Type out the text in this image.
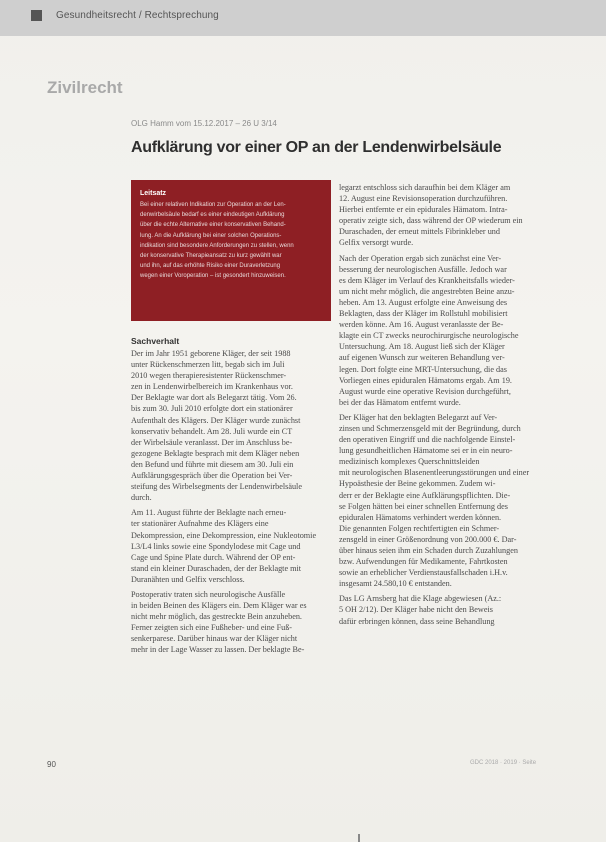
Gesundheitsrecht / Rechtsprechung
Zivilrecht
OLG Hamm vom 15.12.2017 – 26 U 3/14
Aufklärung vor einer OP an der Lendenwirbelsäule
Leitsatz
Bei einer relativen Indikation zur Operation an der Len-
denwirbelsäule bedarf es einer eindeutigen Aufklärung
über die echte Alternative einer konservativen Behand-
lung. An die Aufklärung bei einer solchen Operations-
indikation sind besondere Anforderungen zu stellen, wenn
der konservative Therapieansatz zu kurz gewählt war
und ihn, auf das erhöhte Risiko einer Duraverletzung
wegen einer Voroperation – ist gesondert hinzuweisen.
Sachverhalt
Der im Jahr 1951 geborene Kläger, der seit 1988
unter Rückenschmerzen litt, begab sich im Juli
2010 wegen therapieresistenter Rückenschmer-
zen in Lendenwirbelbereich im Krankenhaus vor.
Der Beklagte war dort als Belegarzt tätig. Vom 26.
bis zum 30. Juli 2010 erfolgte dort ein stationärer
Aufenthalt des Klägers. Der Kläger wurde zunächst
konservativ behandelt. Am 28. Juli wurde ein CT
der Wirbelsäule veranlasst. Der im Anschluss be-
gezogene Beklagte besprach mit dem Kläger neben
den Befund und führte mit diesem am 30. Juli ein
Aufklärungsgespräch über die Operation bei Ver-
steifung des Wirbelsegments der Lendenwirbelsäule
durch.
Am 11. August führte der Beklagte nach erneu-
ter stationärer Aufnahme des Klägers eine
Dekompression, eine Dekompression, eine Nukleotomie
L3/L4 links sowie eine Spondylodese mit Cage und
Cage und Spine Plate durch. Während der OP ent-
stand ein kleiner Duraschaden, der der Beklagte mit
Duranähten und Gelfix verschloss.
Postoperativ traten sich neurologische Ausfälle
in beiden Beinen des Klägers ein. Dem Kläger war es
nicht mehr möglich, das gestreckte Bein anzuheben.
Ferner zeigten sich eine Fußheber- und eine Fuß-
senkerparese. Darüber hinaus war der Kläger nicht
mehr in der Lage Wasser zu lassen. Der beklagte Be-
legarzt entschloss sich daraufhin bei dem Kläger am
12. August eine Revisionsoperation durchzuführen.
Hierbei entfernte er ein epidurales Hämatom. Intra-
operativ zeigte sich, dass während der OP wiederum ein
Duraschaden, der erneut mittels Fibrinkleber und
Gelfix versorgt wurde.
Nach der Operation ergab sich zunächst eine Ver-
besserung der neurologischen Ausfälle. Jedoch war
es dem Kläger im Verlauf des Krankheitsfalls wieder-
um nicht mehr möglich, die angestrebten Beine anzu-
heben. Am 13. August erfolgte eine Anweisung des
Beklagten, dass der Kläger im Rollstuhl mobilisiert
werden könne. Am 16. August veranlasste der Be-
klagte ein CT zwecks neurochirurgische neurologische
Untersuchung. Am 18. August ließ sich der Kläger
auf eigenen Wunsch zur weiteren Behandlung ver-
legen. Dort folgte eine MRT-Untersuchung, die das
Vorliegen eines epiduralen Hämatoms ergab. Am 19.
August wurde eine operative Revision durchgeführt,
bei der das Hämatom entfernt wurde.
Der Kläger hat den beklagten Belegarzt auf Ver-
zinsen und Schmerzensgeld mit der Begründung, durch
den operativen Eingriff und die nachfolgende Einstel-
lung gesundheitlichen Hämatome sei er in ein neuro-
medizinisch komplexes Querschnittsleiden
mit neurologischen Blasenentleerungsstörungen und einer
Hypoästhesie der Beine gekommen. Zudem wi-
derr er der Beklagte eine Aufklärungspflichten. Die-
se Folgen hätten bei einer schnellen Entfernung des
epiduralen Hämatoms verhindert werden können.
Die genannten Folgen rechtfertigten ein Schmer-
zensgeld in einer Größenordnung von 200.000 €. Dar-
über hinaus seien ihm ein Schaden durch Zuzahlungen
bzw. Aufwendungen für Medikamente, Fahrtkosten
sowie an erheblicher Verdienstausfallschaden i.H.v.
insgesamt 24.580,10 € entstanden.
Das LG Arnsberg hat die Klage abgewiesen (Az.:
5 OH 2/12). Der Kläger habe nicht den Beweis
dafür erbringen können, dass seine Behandlung
90	GDC 2018 · 2019 · Seite
